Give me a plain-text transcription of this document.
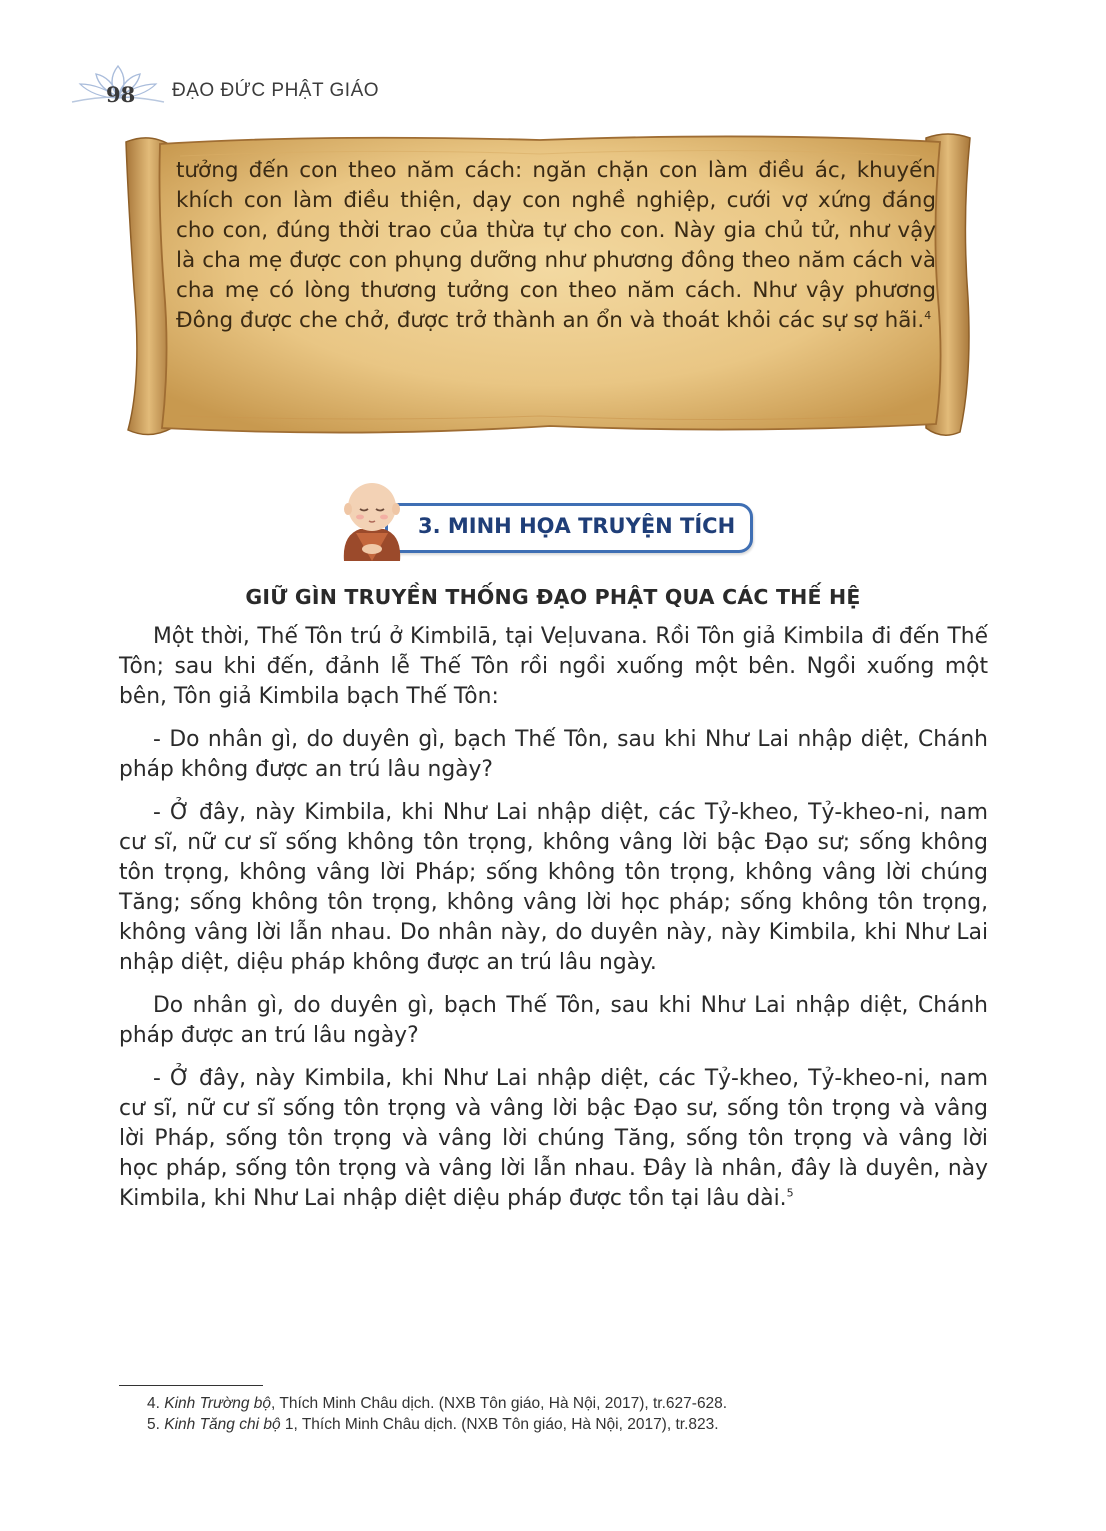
98 ĐẠO ĐỨC PHẬT GIÁO
tưởng đến con theo năm cách: ngăn chặn con làm điều ác, khuyến khích con làm điều thiện, dạy con nghề nghiệp, cưới vợ xứng đáng cho con, đúng thời trao của thừa tự cho con. Này gia chủ tử, như vậy là cha mẹ được con phụng dưỡng như phương đông theo năm cách và cha mẹ có lòng thương tưởng con theo năm cách. Như vậy phương Đông được che chở, được trở thành an ổn và thoát khỏi các sự sợ hãi.$^4$
3. MINH HỌA TRUYỆN TÍCH
GIỮ GÌN TRUYỀN THỐNG ĐẠO PHẬT QUA CÁC THẾ HỆ

Một thời, Thế Tôn trú ở Kimbilā, tại Veḷuvana. Rồi Tôn giả Kimbila đi đến Thế Tôn; sau khi đến, đảnh lễ Thế Tôn rồi ngồi xuống một bên. Ngồi xuống một bên, Tôn giả Kimbila bạch Thế Tôn:

- Do nhân gì, do duyên gì, bạch Thế Tôn, sau khi Như Lai nhập diệt, Chánh pháp không được an trú lâu ngày?

- Ở đây, này Kimbila, khi Như Lai nhập diệt, các Tỷ-kheo, Tỷ-kheo-ni, nam cư sĩ, nữ cư sĩ sống không tôn trọng, không vâng lời bậc Đạo sư; sống không tôn trọng, không vâng lời Pháp; sống không tôn trọng, không vâng lời chúng Tăng; sống không tôn trọng, không vâng lời học pháp; sống không tôn trọng, không vâng lời lẫn nhau. Do nhân này, do duyên này, này Kimbila, khi Như Lai nhập diệt, diệu pháp không được an trú lâu ngày.

Do nhân gì, do duyên gì, bạch Thế Tôn, sau khi Như Lai nhập diệt, Chánh pháp được an trú lâu ngày?

- Ở đây, này Kimbila, khi Như Lai nhập diệt, các Tỷ-kheo, Tỷ-kheo-ni, nam cư sĩ, nữ cư sĩ sống tôn trọng và vâng lời bậc Đạo sư, sống tôn trọng và vâng lời Pháp, sống tôn trọng và vâng lời chúng Tăng, sống tôn trọng và vâng lời học pháp, sống tôn trọng và vâng lời lẫn nhau. Đây là nhân, đây là duyên, này Kimbila, khi Như Lai nhập diệt diệu pháp được tồn tại lâu dài.$^5$

4. Kinh Trường bộ, Thích Minh Châu dịch. (NXB Tôn giáo, Hà Nội, 2017), tr.627-628.
5. Kinh Tăng chi bộ 1, Thích Minh Châu dịch. (NXB Tôn giáo, Hà Nội, 2017), tr.823.
